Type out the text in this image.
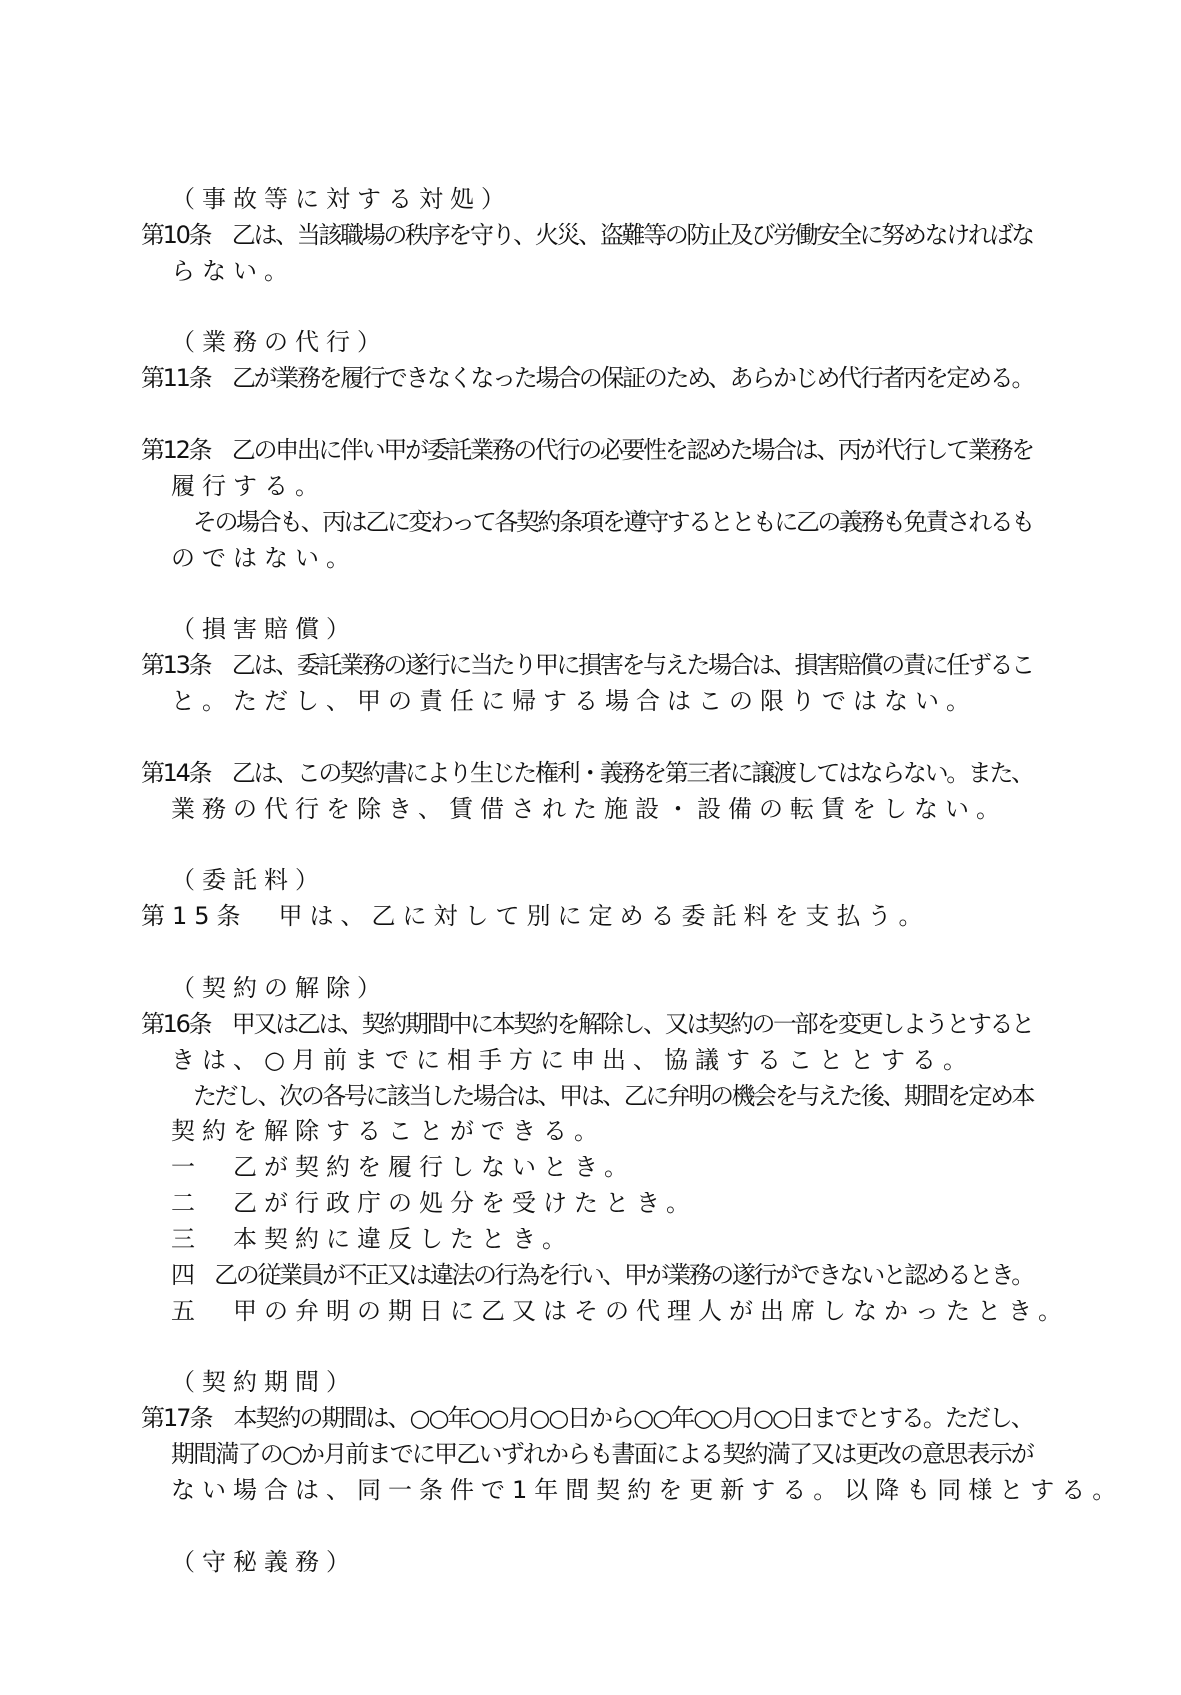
（事故等に対する対処）
第10条　乙は、当該職場の秩序を守り、火災、盗難等の防止及び労働安全に努めなければな
らない。
（業務の代行）
第11条　乙が業務を履行できなくなった場合の保証のため、あらかじめ代行者丙を定める。
第12条　乙の申出に伴い甲が委託業務の代行の必要性を認めた場合は、丙が代行して業務を
履行する。
その場合も、丙は乙に変わって各契約条項を遵守するとともに乙の義務も免責されるも
のではない。
（損害賠償）
第13条　乙は、委託業務の遂行に当たり甲に損害を与えた場合は、損害賠償の責に任ずるこ
と。ただし、甲の責任に帰する場合はこの限りではない。
第14条　乙は、この契約書により生じた権利・義務を第三者に譲渡してはならない。また、
業務の代行を除き、賃借された施設・設備の転賃をしない。
（委託料）
第15条　甲は、乙に対して別に定める委託料を支払う。
（契約の解除）
第16条　甲又は乙は、契約期間中に本契約を解除し、又は契約の一部を変更しようとすると
きは、○月前までに相手方に申出、協議することとする。
ただし、次の各号に該当した場合は、甲は、乙に弁明の機会を与えた後、期間を定め本
契約を解除することができる。
一　乙が契約を履行しないとき。
二　乙が行政庁の処分を受けたとき。
三　本契約に違反したとき。
四　乙の従業員が不正又は違法の行為を行い、甲が業務の遂行ができないと認めるとき。
五　甲の弁明の期日に乙又はその代理人が出席しなかったとき。
（契約期間）
第17条　本契約の期間は、○○年○○月○○日から○○年○○月○○日までとする。ただし、
期間満了の○か月前までに甲乙いずれからも書面による契約満了又は更改の意思表示が
ない場合は、同一条件で1年間契約を更新する。以降も同様とする。
（守秘義務）
